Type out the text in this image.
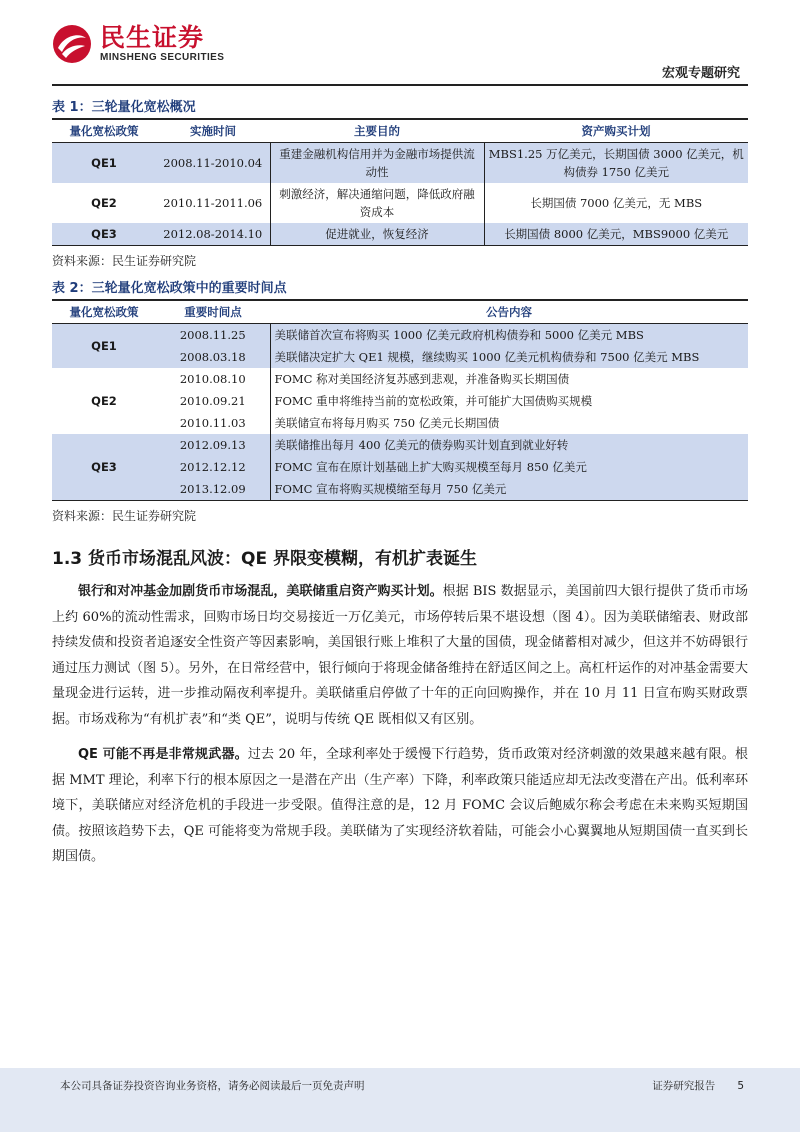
民生证券
MINSHENG SECURITIES
宏观专题研究
表 1：三轮量化宽松概况
量化宽松政策	实施时间	主要目的	资产购买计划
QE1	2008.11-2010.04	重建金融机构信用并为金融市场提供流动性	MBS1.25 万亿美元，长期国债 3000 亿美元，机构债券 1750 亿美元
QE2	2010.11-2011.06	刺激经济，解决通缩问题，降低政府融资成本	长期国债 7000 亿美元，无 MBS
QE3	2012.08-2014.10	促进就业，恢复经济	长期国债 8000 亿美元，MBS9000 亿美元
资料来源：民生证券研究院
表 2：三轮量化宽松政策中的重要时间点
量化宽松政策	重要时间点	公告内容
QE1	2008.11.25	美联储首次宣布将购买 1000 亿美元政府机构债券和 5000 亿美元 MBS
	2008.03.18	美联储决定扩大 QE1 规模，继续购买 1000 亿美元机构债券和 7500 亿美元 MBS
QE2	2010.08.10	FOMC 称对美国经济复苏感到悲观，并准备购买长期国债
	2010.09.21	FOMC 重申将维持当前的宽松政策，并可能扩大国债购买规模
	2010.11.03	美联储宣布将每月购买 750 亿美元长期国债
QE3	2012.09.13	美联储推出每月 400 亿美元的债券购买计划直到就业好转
	2012.12.12	FOMC 宣布在原计划基础上扩大购买规模至每月 850 亿美元
	2013.12.09	FOMC 宣布将购买规模缩至每月 750 亿美元
资料来源：民生证券研究院
1.3 货币市场混乱风波：QE 界限变模糊，有机扩表诞生

银行和对冲基金加剧货币市场混乱，美联储重启资产购买计划。根据 BIS 数据显示，美国前四大银行提供了货币市场上约 60%的流动性需求，回购市场日均交易接近一万亿美元，市场停转后果不堪设想（图 4）。因为美联储缩表、财政部持续发债和投资者追逐安全性资产等因素影响，美国银行账上堆积了大量的国债，现金储蓄相对减少，但这并不妨碍银行通过压力测试（图 5）。另外，在日常经营中，银行倾向于将现金储备维持在舒适区间之上。高杠杆运作的对冲基金需要大量现金进行运转，进一步推动隔夜利率提升。美联储重启停做了十年的正向回购操作，并在 10 月 11 日宣布购买财政票据。市场戏称为“有机扩表”和“类 QE”，说明与传统 QE 既相似又有区别。

QE 可能不再是非常规武器。过去 20 年，全球利率处于缓慢下行趋势，货币政策对经济刺激的效果越来越有限。根据 MMT 理论，利率下行的根本原因之一是潜在产出（生产率）下降，利率政策只能适应却无法改变潜在产出。低利率环境下，美联储应对经济危机的手段进一步受限。值得注意的是，12 月 FOMC 会议后鲍威尔称会考虑在未来购买短期国债。按照该趋势下去，QE 可能将变为常规手段。美联储为了实现经济软着陆，可能会小心翼翼地从短期国债一直买到长期国债。

本公司具备证券投资咨询业务资格，请务必阅读最后一页免责声明	证券研究报告 5
